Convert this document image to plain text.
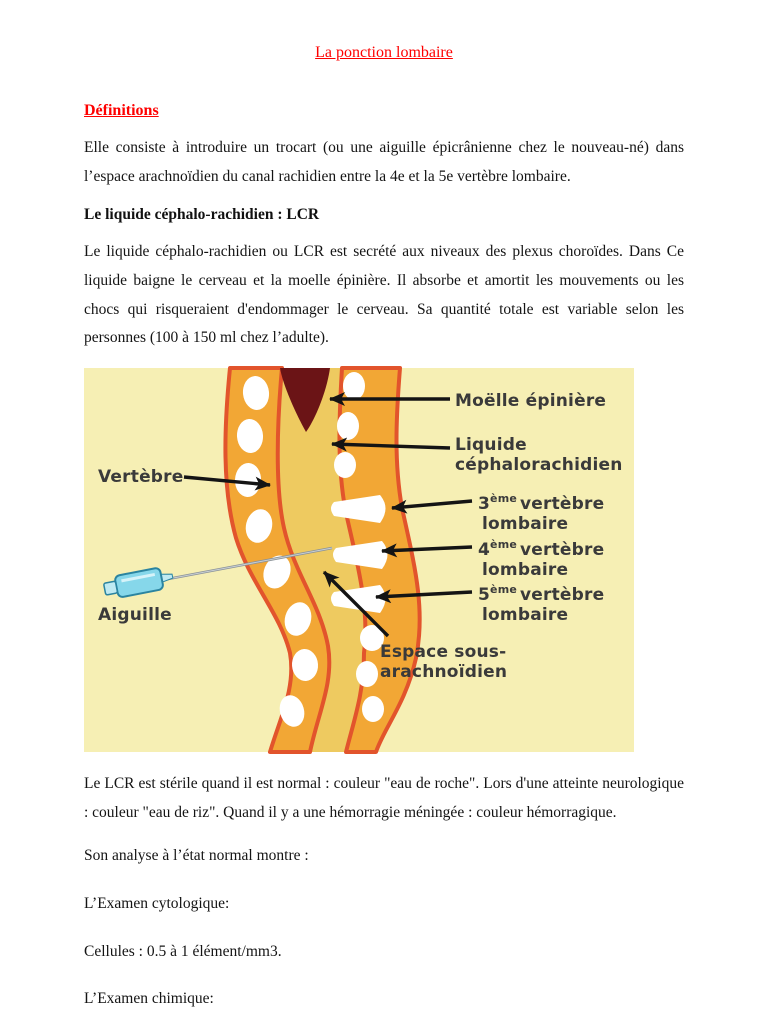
La ponction lombaire
Définitions

Elle consiste à introduire un trocart (ou une aiguille épicrânienne chez le nouveau-né) dans l’espace arachnoïdien du canal rachidien entre la 4e et la 5e vertèbre lombaire.

Le liquide céphalo-rachidien : LCR

Le liquide céphalo-rachidien ou LCR est secrété aux niveaux des plexus choroïdes. Dans Ce liquide baigne le cerveau et la moelle épinière. Il absorbe et amortit les mouvements ou les chocs qui risqueraient d'endommager le cerveau. Sa quantité totale est variable selon les personnes (100 à 150 ml chez l’adulte).

Moëlle épinière
Liquide
céphalorachidien
3ème vertèbre
lombaire
4ème vertèbre
lombaire
5ème vertèbre
lombaire
Espace sous-
arachnoïdien
Vertèbre
Aiguille

Le LCR est stérile quand il est normal : couleur "eau de roche". Lors d'une atteinte neurologique : couleur "eau de riz". Quand il y a une hémorragie méningée : couleur hémorragique.

Son analyse à l’état normal montre :

L’Examen cytologique:

Cellules : 0.5 à 1 élément/mm3.

L’Examen chimique:
